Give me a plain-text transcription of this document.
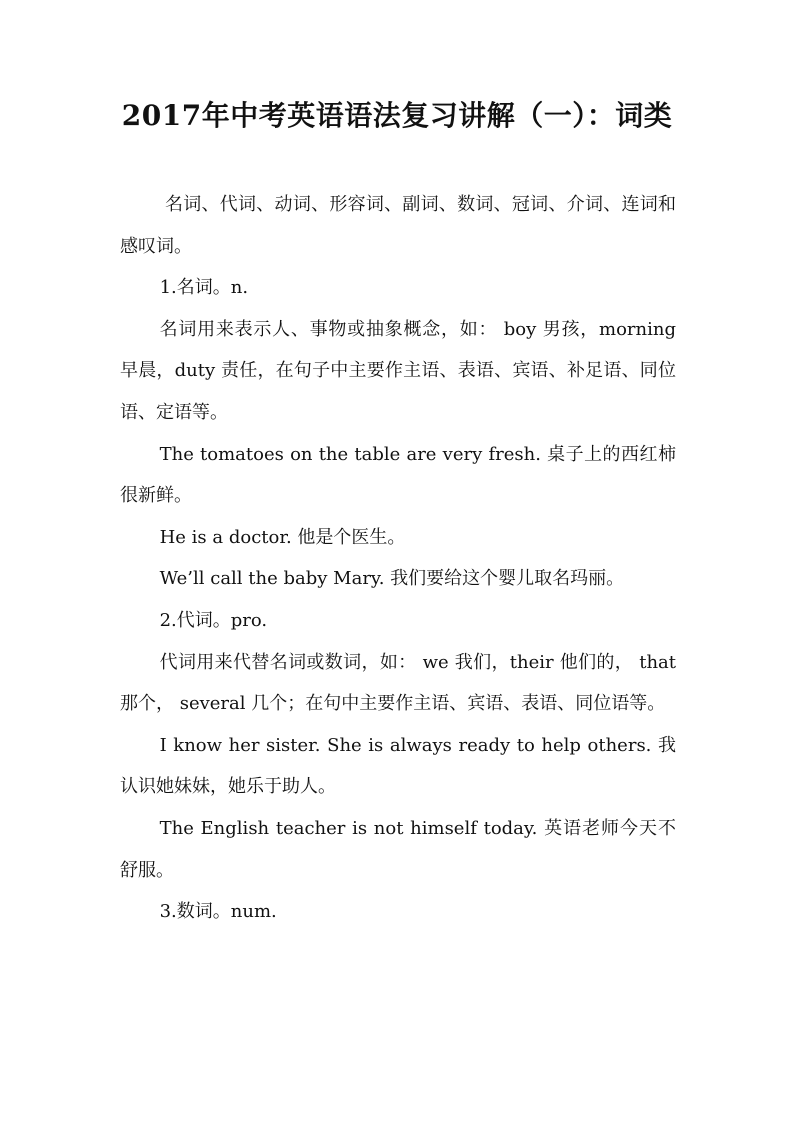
2017年中考英语语法复习讲解（一）：词类

名词、代词、动词、形容词、副词、数词、冠词、介词、连词和感叹词。

1.名词。n.

名词用来表示人、事物或抽象概念，如： boy 男孩，morning 早晨，duty 责任，在句子中主要作主语、表语、宾语、补足语、同位语、定语等。

The tomatoes on the table are very fresh. 桌子上的西红柿很新鲜。

He is a doctor. 他是个医生。

We’ll call the baby Mary. 我们要给这个婴儿取名玛丽。

2.代词。pro.

代词用来代替名词或数词，如： we 我们，their 他们的， that 那个， several 几个；在句中主要作主语、宾语、表语、同位语等。

I know her sister. She is always ready to help others. 我认识她妹妹，她乐于助人。

The English teacher is not himself today. 英语老师今天不舒服。

3.数词。num.
